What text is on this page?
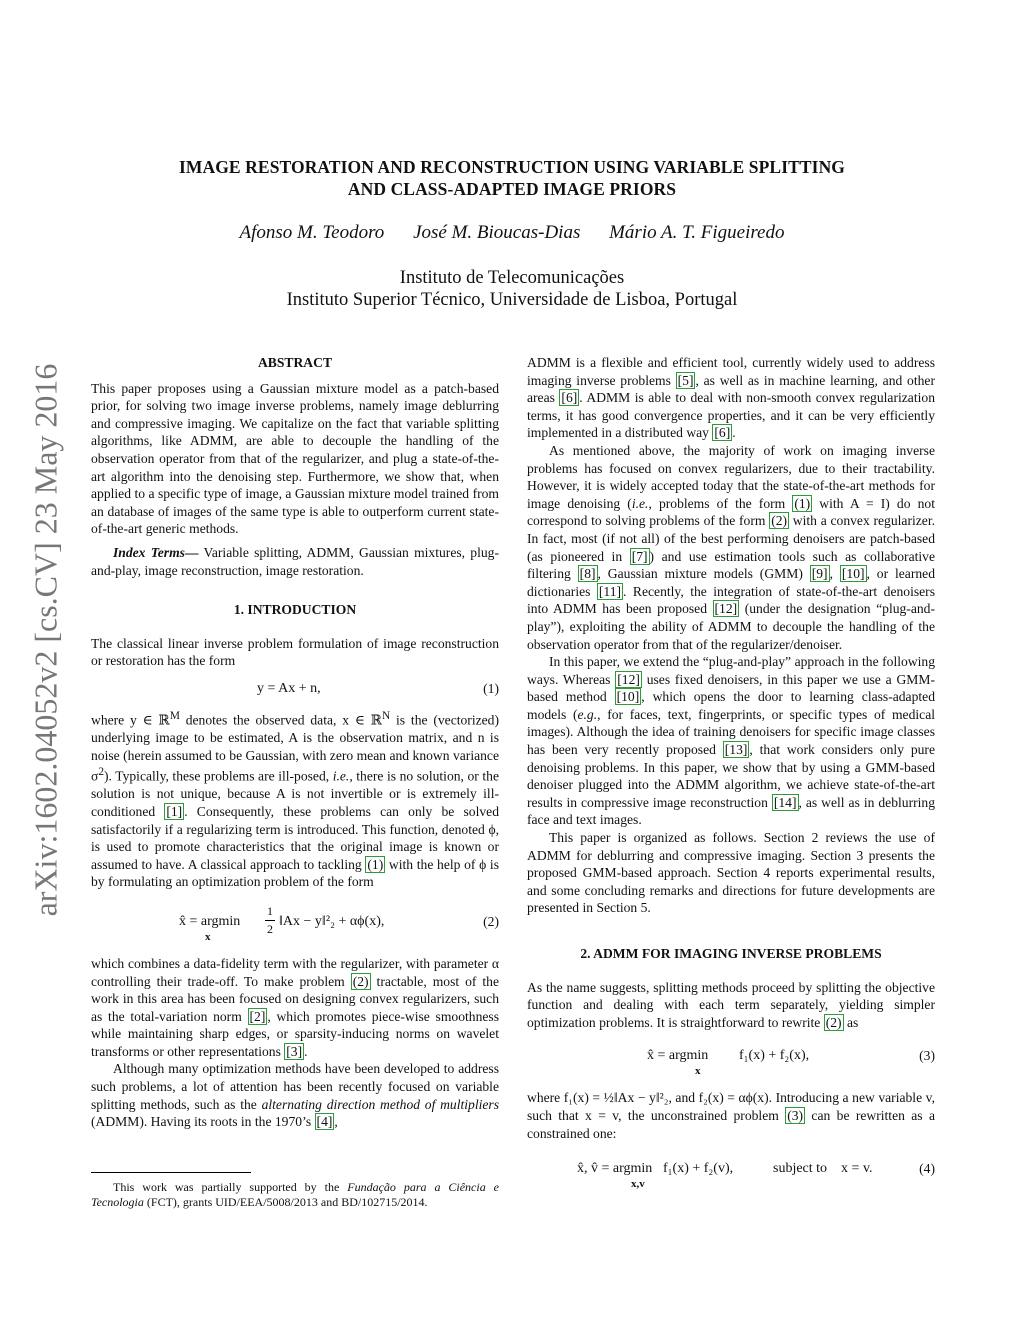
arXiv:1602.04052v2 [cs.CV] 23 May 2016
IMAGE RESTORATION AND RECONSTRUCTION USING VARIABLE SPLITTING
AND CLASS-ADAPTED IMAGE PRIORS
Afonso M. Teodoro José M. Bioucas-Dias Mário A. T. Figueiredo
Instituto de Telecomunicações
Instituto Superior Técnico, Universidade de Lisboa, Portugal
ABSTRACT

This paper proposes using a Gaussian mixture model as a patch-based prior, for solving two image inverse problems, namely image deblurring and compressive imaging. We capitalize on the fact that variable splitting algorithms, like ADMM, are able to decouple the handling of the observation operator from that of the regularizer, and plug a state-of-the-art algorithm into the denoising step. Furthermore, we show that, when applied to a specific type of image, a Gaussian mixture model trained from an database of images of the same type is able to outperform current state-of-the-art generic methods.

Index Terms— Variable splitting, ADMM, Gaussian mixtures, plug-and-play, image reconstruction, image restoration.

1. INTRODUCTION

The classical linear inverse problem formulation of image reconstruction or restoration has the form

y = Ax + n,	(1)

where y ∈ ℝ$^M$ denotes the observed data, x ∈ ℝ$^N$ is the (vectorized) underlying image to be estimated, A is the observation matrix, and n is noise (herein assumed to be Gaussian, with zero mean and known variance $\sigma^2$). Typically, these problems are ill-posed, i.e., there is no solution, or the solution is not unique, because A is not invertible or is extremely ill-conditioned [1] . Consequently, these problems can only be solved satisfactorily if a regularizing term is introduced. This function, denoted ϕ, is used to promote characteristics that the original image is known or assumed to have. A classical approach to tackling (1) with the help of ϕ is by formulating an optimization problem of the form

x̂ = argmin
x	$\frac{1}{2}$ ‖Ax − y‖²₂ + αϕ(x),	(2)

which combines a data-fidelity term with the regularizer, with parameter α controlling their trade-off. To make problem (2) tractable, most of the work in this area has been focused on designing convex regularizers, such as the total-variation norm [2] , which promotes piece-wise smoothness while maintaining sharp edges, or sparsity-inducing norms on wavelet transforms or other representations [3] .

Although many optimization methods have been developed to address such problems, a lot of attention has been recently focused on variable splitting methods, such as the alternating direction method of multipliers (ADMM). Having its roots in the 1970’s [4] ,

This work was partially supported by the Fundação para a Ciência e Tecnologia (FCT), grants UID/EEA/5008/2013 and BD/102715/2014.

ADMM is a flexible and efficient tool, currently widely used to address imaging inverse problems [5] , as well as in machine learning, and other areas [6] . ADMM is able to deal with non-smooth convex regularization terms, it has good convergence properties, and it can be very efficiently implemented in a distributed way [6] .

As mentioned above, the majority of work on imaging inverse problems has focused on convex regularizers, due to their tractability. However, it is widely accepted today that the state-of-the-art methods for image denoising (i.e., problems of the form (1) with A = I) do not correspond to solving problems of the form (2) with a convex regularizer. In fact, most (if not all) of the best performing denoisers are patch-based (as pioneered in [7] ) and use estimation tools such as collaborative filtering [8] , Gaussian mixture models (GMM) [9] , [10] , or learned dictionaries [11] . Recently, the integration of state-of-the-art denoisers into ADMM has been proposed [12] (under the designation “plug-and-play”), exploiting the ability of ADMM to decouple the handling of the observation operator from that of the regularizer/denoiser.

In this paper, we extend the “plug-and-play” approach in the following ways. Whereas [12] uses fixed denoisers, in this paper we use a GMM-based method [10] , which opens the door to learning class-adapted models (e.g., for faces, text, fingerprints, or specific types of medical images). Although the idea of training denoisers for specific image classes has been very recently proposed [13] , that work considers only pure denoising problems. In this paper, we show that by using a GMM-based denoiser plugged into the ADMM algorithm, we achieve state-of-the-art results in compressive image reconstruction [14] , as well as in deblurring face and text images.

This paper is organized as follows. Section 2 reviews the use of ADMM for deblurring and compressive imaging. Section 3 presents the proposed GMM-based approach. Section 4 reports experimental results, and some concluding remarks and directions for future developments are presented in Section 5.

2. ADMM FOR IMAGING INVERSE PROBLEMS

As the name suggests, splitting methods proceed by splitting the objective function and dealing with each term separately, yielding simpler optimization problems. It is straightforward to rewrite (2) as

x̂ = argmin
x
f₁(x) + f₂(x),	(3)

where f₁(x) = ½‖Ax − y‖²₂, and f₂(x) = αϕ(x). Introducing a new variable v, such that x = v, the unconstrained problem (3) can be rewritten as a constrained one:

x̂, v̂ = argmin
x,v
f₁(x) + f₂(v),	subject to    x = v.	(4)
